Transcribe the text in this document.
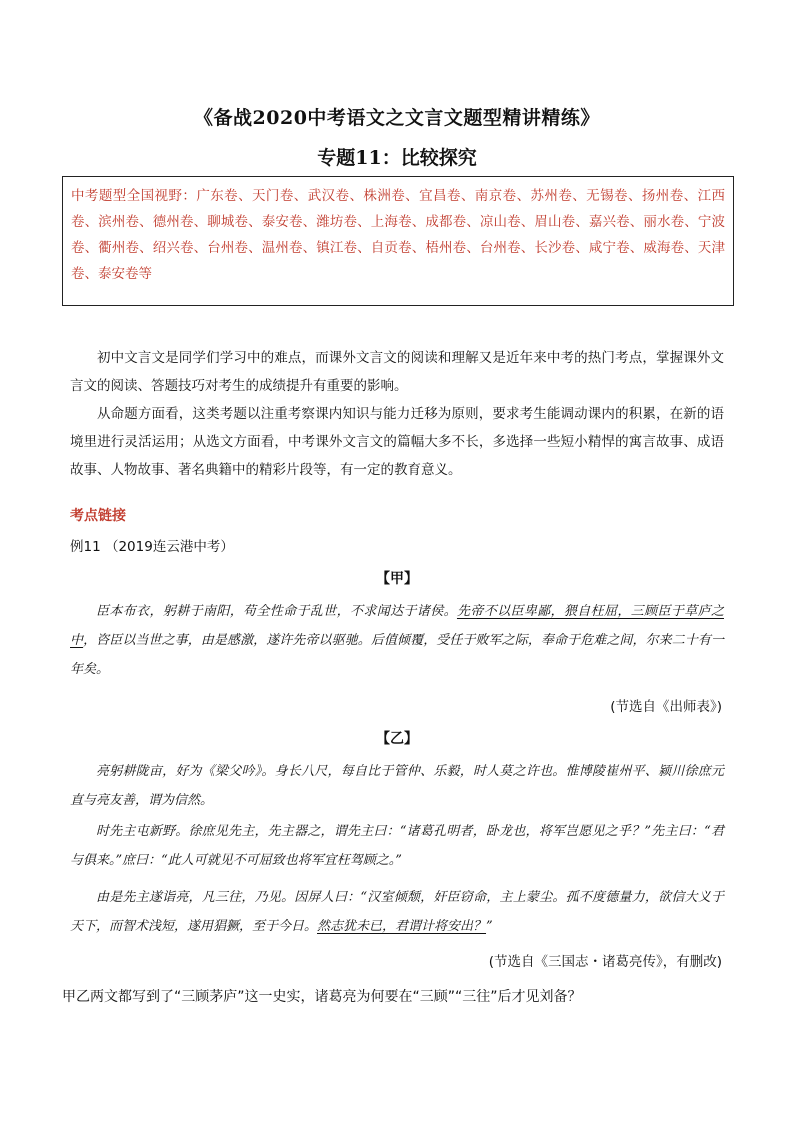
《备战2020中考语文之文言文题型精讲精练》
专题11：比较探究
中考题型全国视野：广东卷、天门卷、武汉卷、株洲卷、宜昌卷、南京卷、苏州卷、无锡卷、扬州卷、江西卷、滨州卷、德州卷、聊城卷、泰安卷、潍坊卷、上海卷、成都卷、凉山卷、眉山卷、嘉兴卷、丽水卷、宁波卷、衢州卷、绍兴卷、台州卷、温州卷、镇江卷、自贡卷、梧州卷、台州卷、长沙卷、咸宁卷、威海卷、天津卷、泰安卷等
初中文言文是同学们学习中的难点，而课外文言文的阅读和理解又是近年来中考的热门考点，掌握课外文言文的阅读、答题技巧对考生的成绩提升有重要的影响。
从命题方面看，这类考题以注重考察课内知识与能力迁移为原则，要求考生能调动课内的积累，在新的语境里进行灵活运用；从选文方面看，中考课外文言文的篇幅大多不长，多选择一些短小精悍的寓言故事、成语故事、人物故事、著名典籍中的精彩片段等，有一定的教育意义。
考点链接
例11 （2019连云港中考）
【甲】
臣本布衣，躬耕于南阳，苟全性命于乱世，不求闻达于诸侯。先帝不以臣卑鄙，猥自枉屈，三顾臣于草庐之中，咨臣以当世之事，由是感激，遂许先帝以驱驰。后值倾覆，受任于败军之际，奉命于危难之间，尔来二十有一年矣。
(节选自《出师表》)
【乙】
亮躬耕陇亩，好为《梁父吟》。身长八尺，每自比于管仲、乐毅，时人莫之许也。惟博陵崔州平、颍川徐庶元直与亮友善，谓为信然。
时先主屯新野。徐庶见先主，先主器之，谓先主曰：“诸葛孔明者，卧龙也，将军岂愿见之乎？”先主曰：“君与俱来。”庶曰：“此人可就见不可屈致也将军宜枉驾顾之。”
由是先主遂诣亮，凡三往，乃见。因屏人曰：“汉室倾颓，奸臣窃命，主上蒙尘。孤不度德量力，欲信大义于天下，而智术浅短，遂用猖獗，至于今日。然志犹未已，君谓计将安出？”
(节选自《三国志・诸葛亮传》，有删改)
甲乙两文都写到了“三顾茅庐”这一史实，诸葛亮为何要在“三顾”“三往”后才见刘备？
